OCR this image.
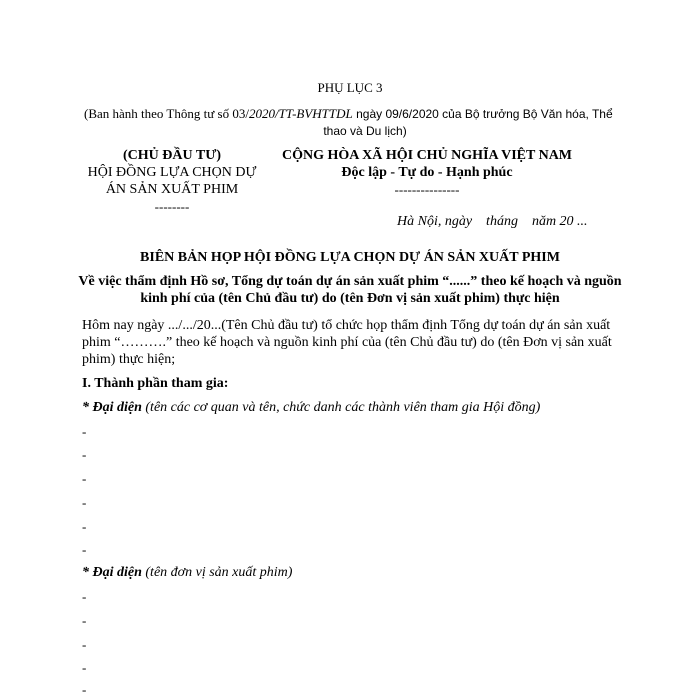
PHỤ LỤC 3
(Ban hành theo Thông tư số 03/2020/TT-BVHTTDL ngày 09/6/2020 của Bộ trưởng Bộ Văn hóa, Thể
thao và Du lịch)
(CHỦ ĐẦU TƯ)
HỘI ĐỒNG LỰA CHỌN DỰ
ÁN SẢN XUẤT PHIM
--------
CỘNG HÒA XÃ HỘI CHỦ NGHĨA VIỆT NAM
Độc lập - Tự do - Hạnh phúc
---------------
Hà Nội, ngày    tháng    năm 20 ...
BIÊN BẢN HỌP HỘI ĐỒNG LỰA CHỌN DỰ ÁN SẢN XUẤT PHIM
Về việc thẩm định Hồ sơ, Tổng dự toán dự án sản xuất phim “......” theo kế hoạch và nguồn
kinh phí của (tên Chủ đầu tư) do (tên Đơn vị sản xuất phim) thực hiện
Hôm nay ngày .../.../20...(Tên Chủ đầu tư) tổ chức họp thẩm định Tổng dự toán dự án sản xuất
phim “……….” theo kế hoạch và nguồn kinh phí của (tên Chủ đầu tư) do (tên Đơn vị sản xuất
phim) thực hiện;
I. Thành phần tham gia:
* Đại diện (tên các cơ quan và tên, chức danh các thành viên tham gia Hội đồng)
-
-
-
-
-
-
* Đại diện (tên đơn vị sản xuất phim)
-
-
-
-
-
